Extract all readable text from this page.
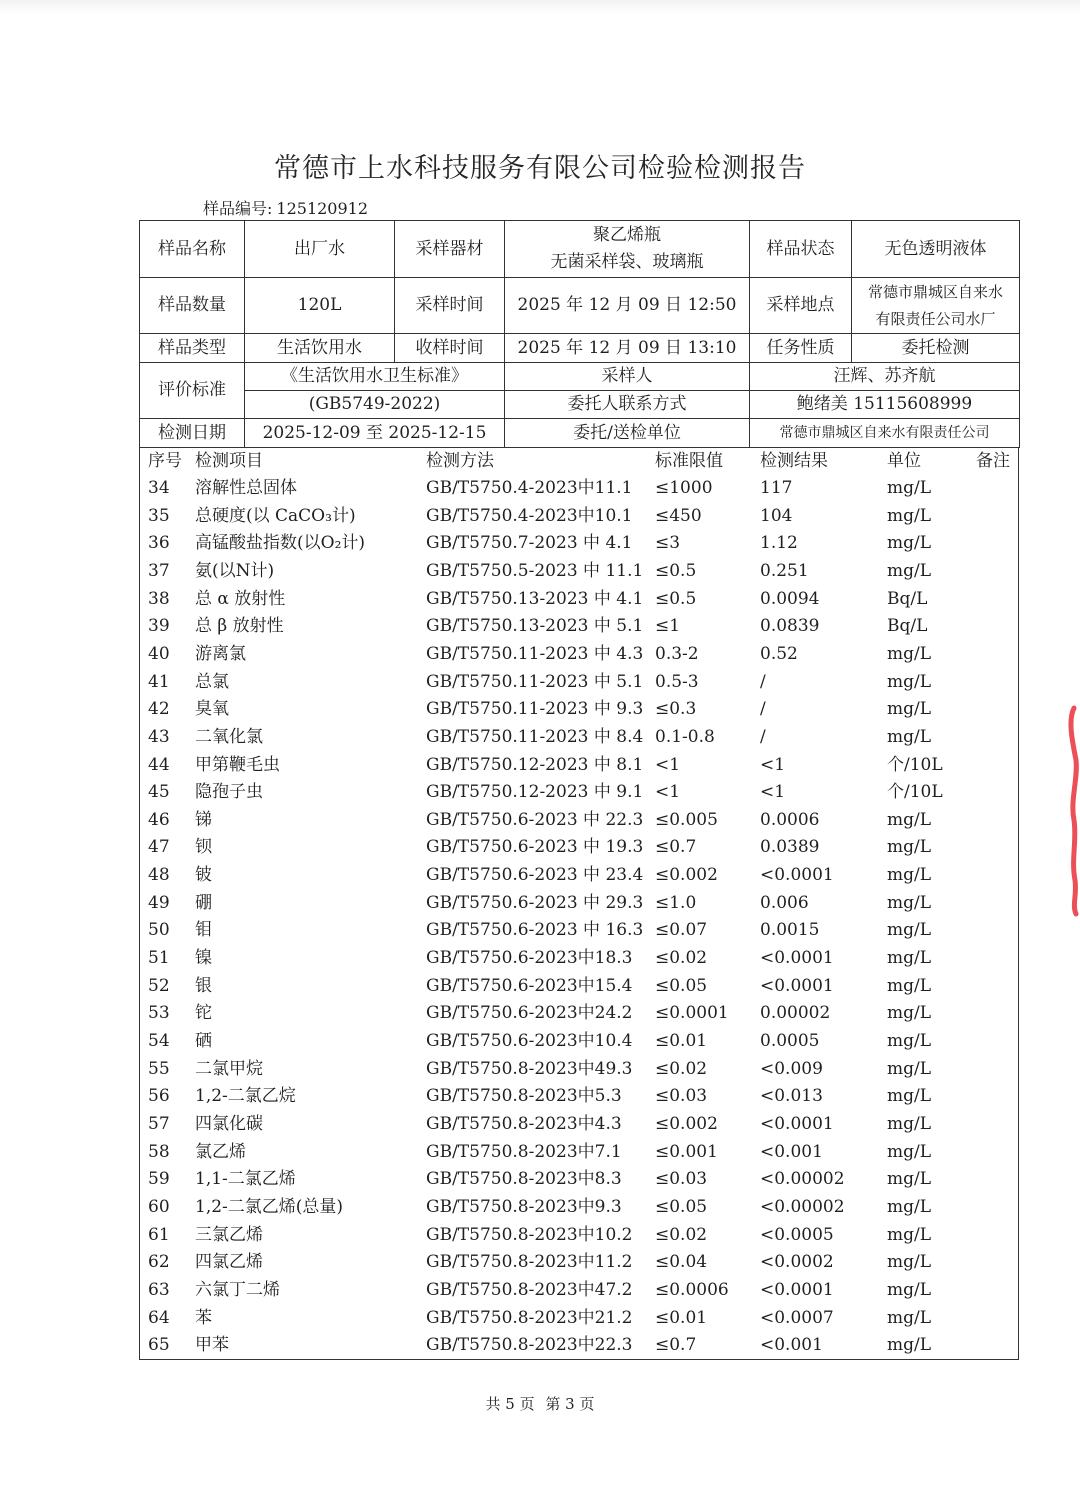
常德市上水科技服务有限公司检验检测报告
样品编号: 125120912
样品名称	出厂水	采样器材	聚乙烯瓶
无菌采样袋、玻璃瓶	样品状态	无色透明液体
样品数量	120L	采样时间	2025 年 12 月 09 日 12:50	采样地点	常德市鼎城区自来水
有限责任公司水厂

样品类型	生活饮用水	收样时间	2025 年 12 月 09 日 13:10	任务性质	委托检测
评价标准	《生活饮用水卫生标准》		采样人	汪辉、苏齐航	
	(GB5749-2022)		委托人联系方式	鲍绪美 15115608999	
检测日期	2025-12-09 至 2025-12-15		委托/送检单位	常德市鼎城区自来水有限责任公司	
序号 检测项目	检测方法	标准限值 检测结果	单位	备注
34 溶解性总固体	GB/T5750.4-2023中11.1 ≤1000	117	mg/L
35 总硬度(以 CaCO₃计)	GB/T5750.4-2023中10.1 ≤450	104	mg/L
36 高锰酸盐指数(以O₂计)	GB/T5750.7-2023 中 4.1 ≤3	1.12	mg/L
37 氨(以N计)	GB/T5750.5-2023 中 11.1 ≤0.5	0.251	mg/L
38 总 α 放射性	GB/T5750.13-2023 中 4.1 ≤0.5	0.0094	Bq/L
39 总 β 放射性	GB/T5750.13-2023 中 5.1 ≤1	0.0839	Bq/L
40 游离氯	GB/T5750.11-2023 中 4.3 0.3-2	0.52	mg/L
41 总氯	GB/T5750.11-2023 中 5.1 0.5-3	/	mg/L
42 臭氧	GB/T5750.11-2023 中 9.3 ≤0.3	/	mg/L
43 二氧化氯	GB/T5750.11-2023 中 8.4 0.1-0.8	/	mg/L
44 甲第鞭毛虫	GB/T5750.12-2023 中 8.1 <1	<1	个/10L
45 隐孢子虫	GB/T5750.12-2023 中 9.1 <1	<1	个/10L
46 锑	GB/T5750.6-2023 中 22.3 ≤0.005 0.0006	mg/L
47 钡	GB/T5750.6-2023 中 19.3 ≤0.7	0.0389	mg/L
48 铍	GB/T5750.6-2023 中 23.4 ≤0.002 <0.0001	mg/L
49 硼	GB/T5750.6-2023 中 29.3 ≤1.0	0.006	mg/L
50 钼	GB/T5750.6-2023 中 16.3 ≤0.07	0.0015	mg/L
51 镍	GB/T5750.6-2023中18.3 ≤0.02	<0.0001	mg/L
52 银	GB/T5750.6-2023中15.4 ≤0.05	<0.0001	mg/L
53 铊	GB/T5750.6-2023中24.2 ≤0.0001 0.00002	mg/L
54 硒	GB/T5750.6-2023中10.4 ≤0.01	0.0005	mg/L
55 二氯甲烷	GB/T5750.8-2023中49.3 ≤0.02	<0.009	mg/L
56 1,2-二氯乙烷	GB/T5750.8-2023中5.3 ≤0.03	<0.013	mg/L
57 四氯化碳	GB/T5750.8-2023中4.3 ≤0.002 <0.0001	mg/L
58 氯乙烯	GB/T5750.8-2023中7.1 ≤0.001 <0.001	mg/L
59 1,1-二氯乙烯	GB/T5750.8-2023中8.3 ≤0.03	<0.00002 mg/L
60 1,2-二氯乙烯(总量)	GB/T5750.8-2023中9.3 ≤0.05	<0.00002 mg/L
61 三氯乙烯	GB/T5750.8-2023中10.2 ≤0.02	<0.0005	mg/L
62 四氯乙烯	GB/T5750.8-2023中11.2 ≤0.04	<0.0002	mg/L
63 六氯丁二烯	GB/T5750.8-2023中47.2 ≤0.0006 <0.0001	mg/L
64 苯	GB/T5750.8-2023中21.2 ≤0.01	<0.0007	mg/L
65 甲苯	GB/T5750.8-2023中22.3 ≤0.7	<0.001	mg/L
共 5 页 第 3 页
